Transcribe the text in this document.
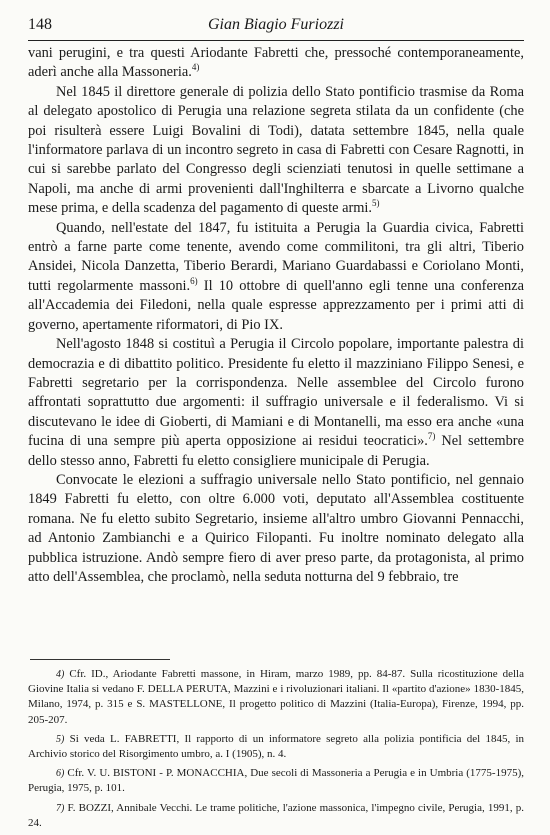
148	Gian Biagio Furiozzi

vani perugini, e tra questi Ariodante Fabretti che, pressoché contemporaneamente, aderì anche alla Massoneria.$^{4)}$

Nel 1845 il direttore generale di polizia dello Stato pontificio trasmise da Roma al delegato apostolico di Perugia una relazione segreta stilata da un confidente (che poi risulterà essere Luigi Bovalini di Todi), datata settembre 1845, nella quale l'informatore parlava di un incontro segreto in casa di Fabretti con Cesare Ragnotti, in cui si sarebbe parlato del Congresso degli scienziati tenutosi in quelle settimane a Napoli, ma anche di armi provenienti dall'Inghilterra e sbarcate a Livorno qualche mese prima, e della scadenza del pagamento di queste armi.$^{5)}$

Quando, nell'estate del 1847, fu istituita a Perugia la Guardia civica, Fabretti entrò a farne parte come tenente, avendo come commilitoni, tra gli altri, Tiberio Ansidei, Nicola Danzetta, Tiberio Berardi, Mariano Guardabassi e Coriolano Monti, tutti regolarmente massoni.$^{6)}$ Il 10 ottobre di quell'anno egli tenne una conferenza all'Accademia dei Filedoni, nella quale espresse apprezzamento per i primi atti di governo, apertamente riformatori, di Pio IX.

Nell'agosto 1848 si costituì a Perugia il Circolo popolare, importante palestra di democrazia e di dibattito politico. Presidente fu eletto il mazziniano Filippo Senesi, e Fabretti segretario per la corrispondenza. Nelle assemblee del Circolo furono affrontati soprattutto due argomenti: il suffragio universale e il federalismo. Vi si discutevano le idee di Gioberti, di Mamiani e di Montanelli, ma esso era anche «una fucina di una sempre più aperta opposizione ai residui teocratici».$^{7)}$ Nel settembre dello stesso anno, Fabretti fu eletto consigliere municipale di Perugia.

Convocate le elezioni a suffragio universale nello Stato pontificio, nel gennaio 1849 Fabretti fu eletto, con oltre 6.000 voti, deputato all'Assemblea costituente romana. Ne fu eletto subito Segretario, insieme all'altro umbro Giovanni Pennacchi, ad Antonio Zambianchi e a Quirico Filopanti. Fu inoltre nominato delegato alla pubblica istruzione. Andò sempre fiero di aver preso parte, da protagonista, al primo atto dell'Assemblea, che proclamò, nella seduta notturna del 9 febbraio, tre

4) Cfr. ID., Ariodante Fabretti massone, in Hiram, marzo 1989, pp. 84-87. Sulla ricostituzione della Giovine Italia si vedano F. DELLA PERUTA, Mazzini e i rivoluzionari italiani. Il «partito d'azione» 1830-1845, Milano, 1974, p. 315 e S. MASTELLONE, Il progetto politico di Mazzini (Italia-Europa), Firenze, 1994, pp. 205-207.

5) Si veda L. FABRETTI, Il rapporto di un informatore segreto alla polizia pontificia del 1845, in Archivio storico del Risorgimento umbro, a. I (1905), n. 4.

6) Cfr. V. U. BISTONI - P. MONACCHIA, Due secoli di Massoneria a Perugia e in Umbria (1775-1975), Perugia, 1975, p. 101.

7) F. BOZZI, Annibale Vecchi. Le trame politiche, l'azione massonica, l'impegno civile, Perugia, 1991, p. 24.
